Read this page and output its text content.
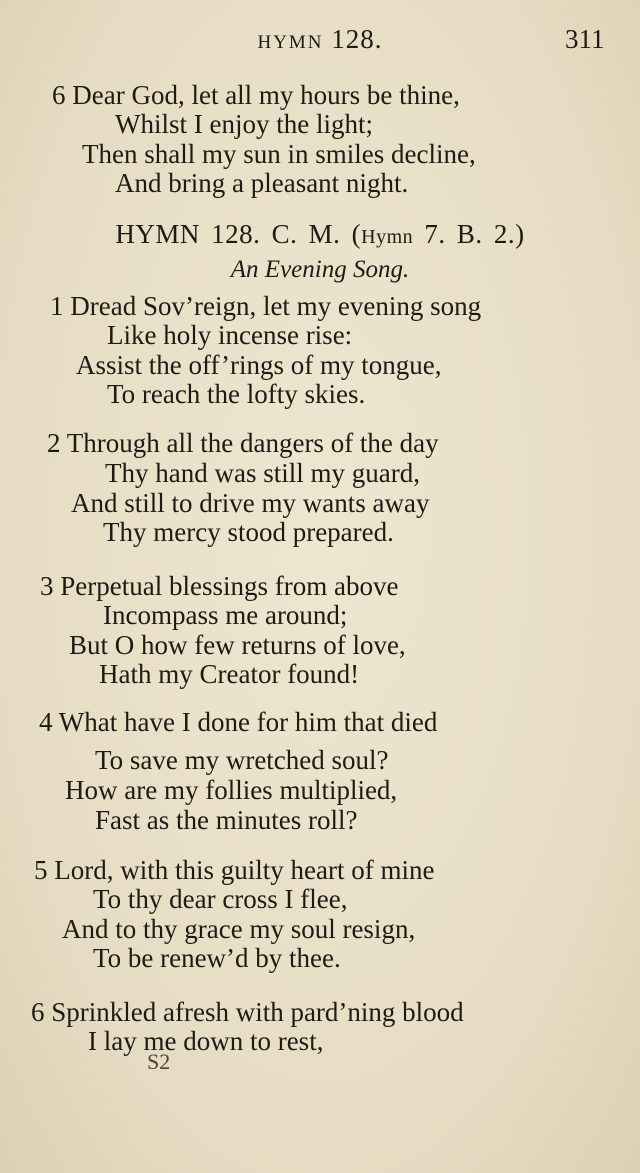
HYMN 128.	311
6 Dear God, let all my hours be thine,
Whilst I enjoy the light;
Then shall my sun in smiles decline,
And bring a pleasant night.
HYMN 128. C. M. (Hymn 7. B. 2.)
An Evening Song.
1 Dread Sov’reign, let my evening song
Like holy incense rise:
Assist the off’rings of my tongue,
To reach the lofty skies.
2 Through all the dangers of the day
Thy hand was still my guard,
And still to drive my wants away
Thy mercy stood prepared.
3 Perpetual blessings from above
Incompass me around;
But O how few returns of love,
Hath my Creator found!
4 What have I done for him that died
To save my wretched soul?
How are my follies multiplied,
Fast as the minutes roll?
5 Lord, with this guilty heart of mine
To thy dear cross I flee,
And to thy grace my soul resign,
To be renew’d by thee.
6 Sprinkled afresh with pard’ning blood
I lay me down to rest,
S2
